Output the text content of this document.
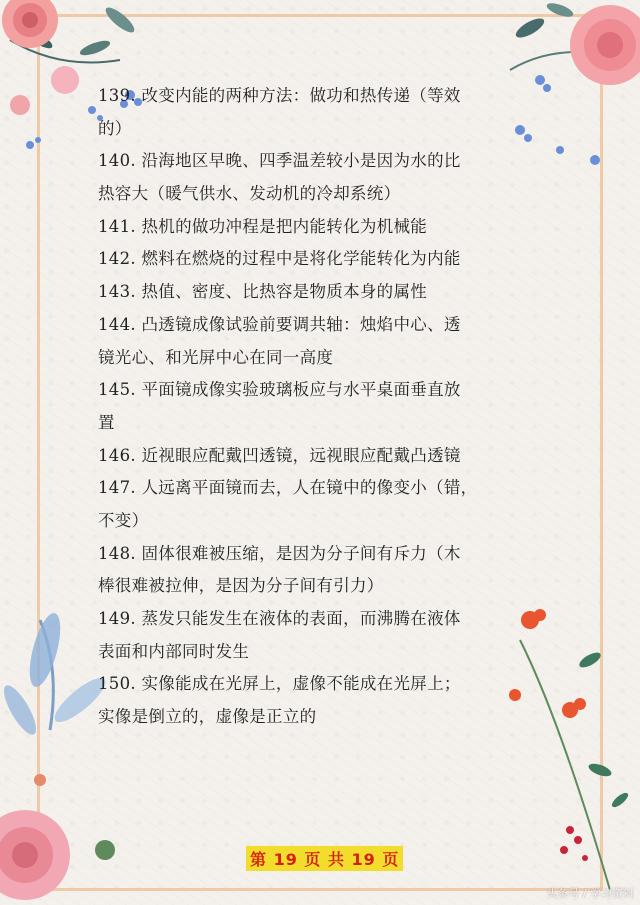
139. 改变内能的两种方法：做功和热传递（等效
的）
140. 沿海地区早晚、四季温差较小是因为水的比
热容大（暖气供水、发动机的冷却系统）
141. 热机的做功冲程是把内能转化为机械能
142. 燃料在燃烧的过程中是将化学能转化为内能
143. 热值、密度、比热容是物质本身的属性
144. 凸透镜成像试验前要调共轴：烛焰中心、透
镜光心、和光屏中心在同一高度
145. 平面镜成像实验玻璃板应与水平桌面垂直放
置
146. 近视眼应配戴凹透镜，远视眼应配戴凸透镜
147. 人远离平面镜而去，人在镜中的像变小（错，
不变）
148. 固体很难被压缩，是因为分子间有斥力（木
棒很难被拉伸，是因为分子间有引力）
149. 蒸发只能发生在液体的表面，而沸腾在液体
表面和内部同时发生
150. 实像能成在光屏上，虚像不能成在光屏上；
实像是倒立的，虚像是正立的
第 19 页 共 19 页
头条号 / 学习资料
